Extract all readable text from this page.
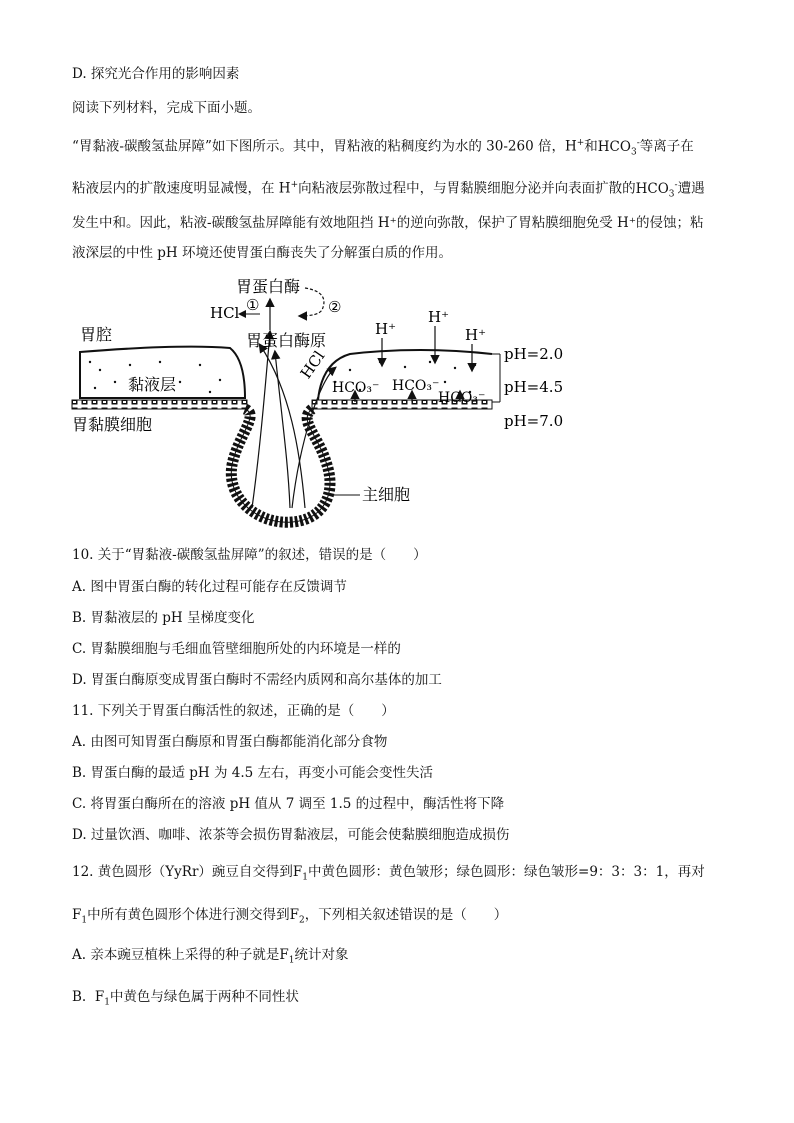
D. 探究光合作用的影响因素
阅读下列材料，完成下面小题。
“胃黏液-碳酸氢盐屏障”如下图所示。其中，胃粘液的粘稠度约为水的 30-260 倍，H+和$HCO_3^-$等离子在
粘液层内的扩散速度明显减慢，在 H+向粘液层弥散过程中，与胃黏膜细胞分泌并向表面扩散的$HCO_3^-$遭遇
发生中和。因此，粘液-碳酸氢盐屏障能有效地阻挡 H⁺的逆向弥散，保护了胃粘膜细胞免受 H⁺的侵蚀；粘
液深层的中性 pH 环境还使胃蛋白酶丧失了分解蛋白质的作用。
胃腔
黏液层
胃黏膜细胞
pH=2.0
pH=4.5
pH=7.0
H⁺
H⁺
H⁺
HCO₃⁻ HCO₃⁻
HCO₃⁻
胃蛋白酶
HCl ①	②
胃蛋白酶原
HCl
主细胞
10. 关于“胃黏液-碳酸氢盐屏障”的叙述，错误的是（　　）
A. 图中胃蛋白酶的转化过程可能存在反馈调节
B. 胃黏液层的 pH 呈梯度变化
C. 胃黏膜细胞与毛细血管壁细胞所处的内环境是一样的
D. 胃蛋白酶原变成胃蛋白酶时不需经内质网和高尔基体的加工
11. 下列关于胃蛋白酶活性的叙述，正确的是（　　）
A. 由图可知胃蛋白酶原和胃蛋白酶都能消化部分食物
B. 胃蛋白酶的最适 pH 为 4.5 左右，再变小可能会变性失活
C. 将胃蛋白酶所在的溶液 pH 值从 7 调至 1.5 的过程中，酶活性将下降
D. 过量饮酒、咖啡、浓茶等会损伤胃黏液层，可能会使黏膜细胞造成损伤
12. 黄色圆形（YyRr）豌豆自交得到$F_1$中黄色圆形：黄色皱形；绿色圆形：绿色皱形=9：3：3：1，再对
$F_1$中所有黄色圆形个体进行测交得到$F_2$，下列相关叙述错误的是（　　）
A. 亲本豌豆植株上采得的种子就是$F_1$统计对象
B. $F_1$中黄色与绿色属于两种不同性状
